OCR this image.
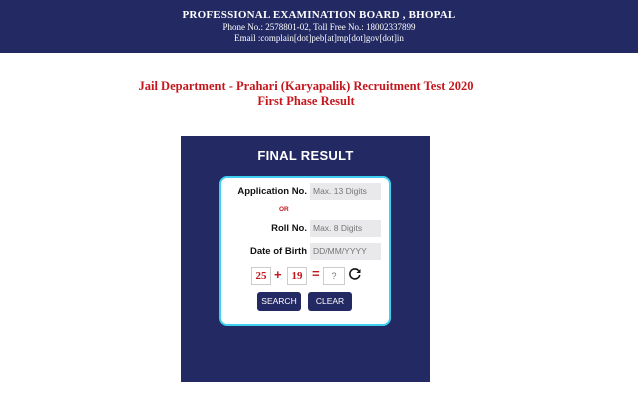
PROFESSIONAL EXAMINATION BOARD , BHOPAL
Phone No.: 2578801-02, Toll Free No.: 18002337899
Email :complain[dot]peb[at]mp[dot]gov[dot]in
Jail Department - Prahari (Karyapalik) Recruitment Test 2020
First Phase Result
FINAL RESULT
Application No.
Max. 13 Digits
OR
Roll No.
Max. 8 Digits
Date of Birth
DD/MM/YYYY
25 + 19 =
?
SEARCH	CLEAR
